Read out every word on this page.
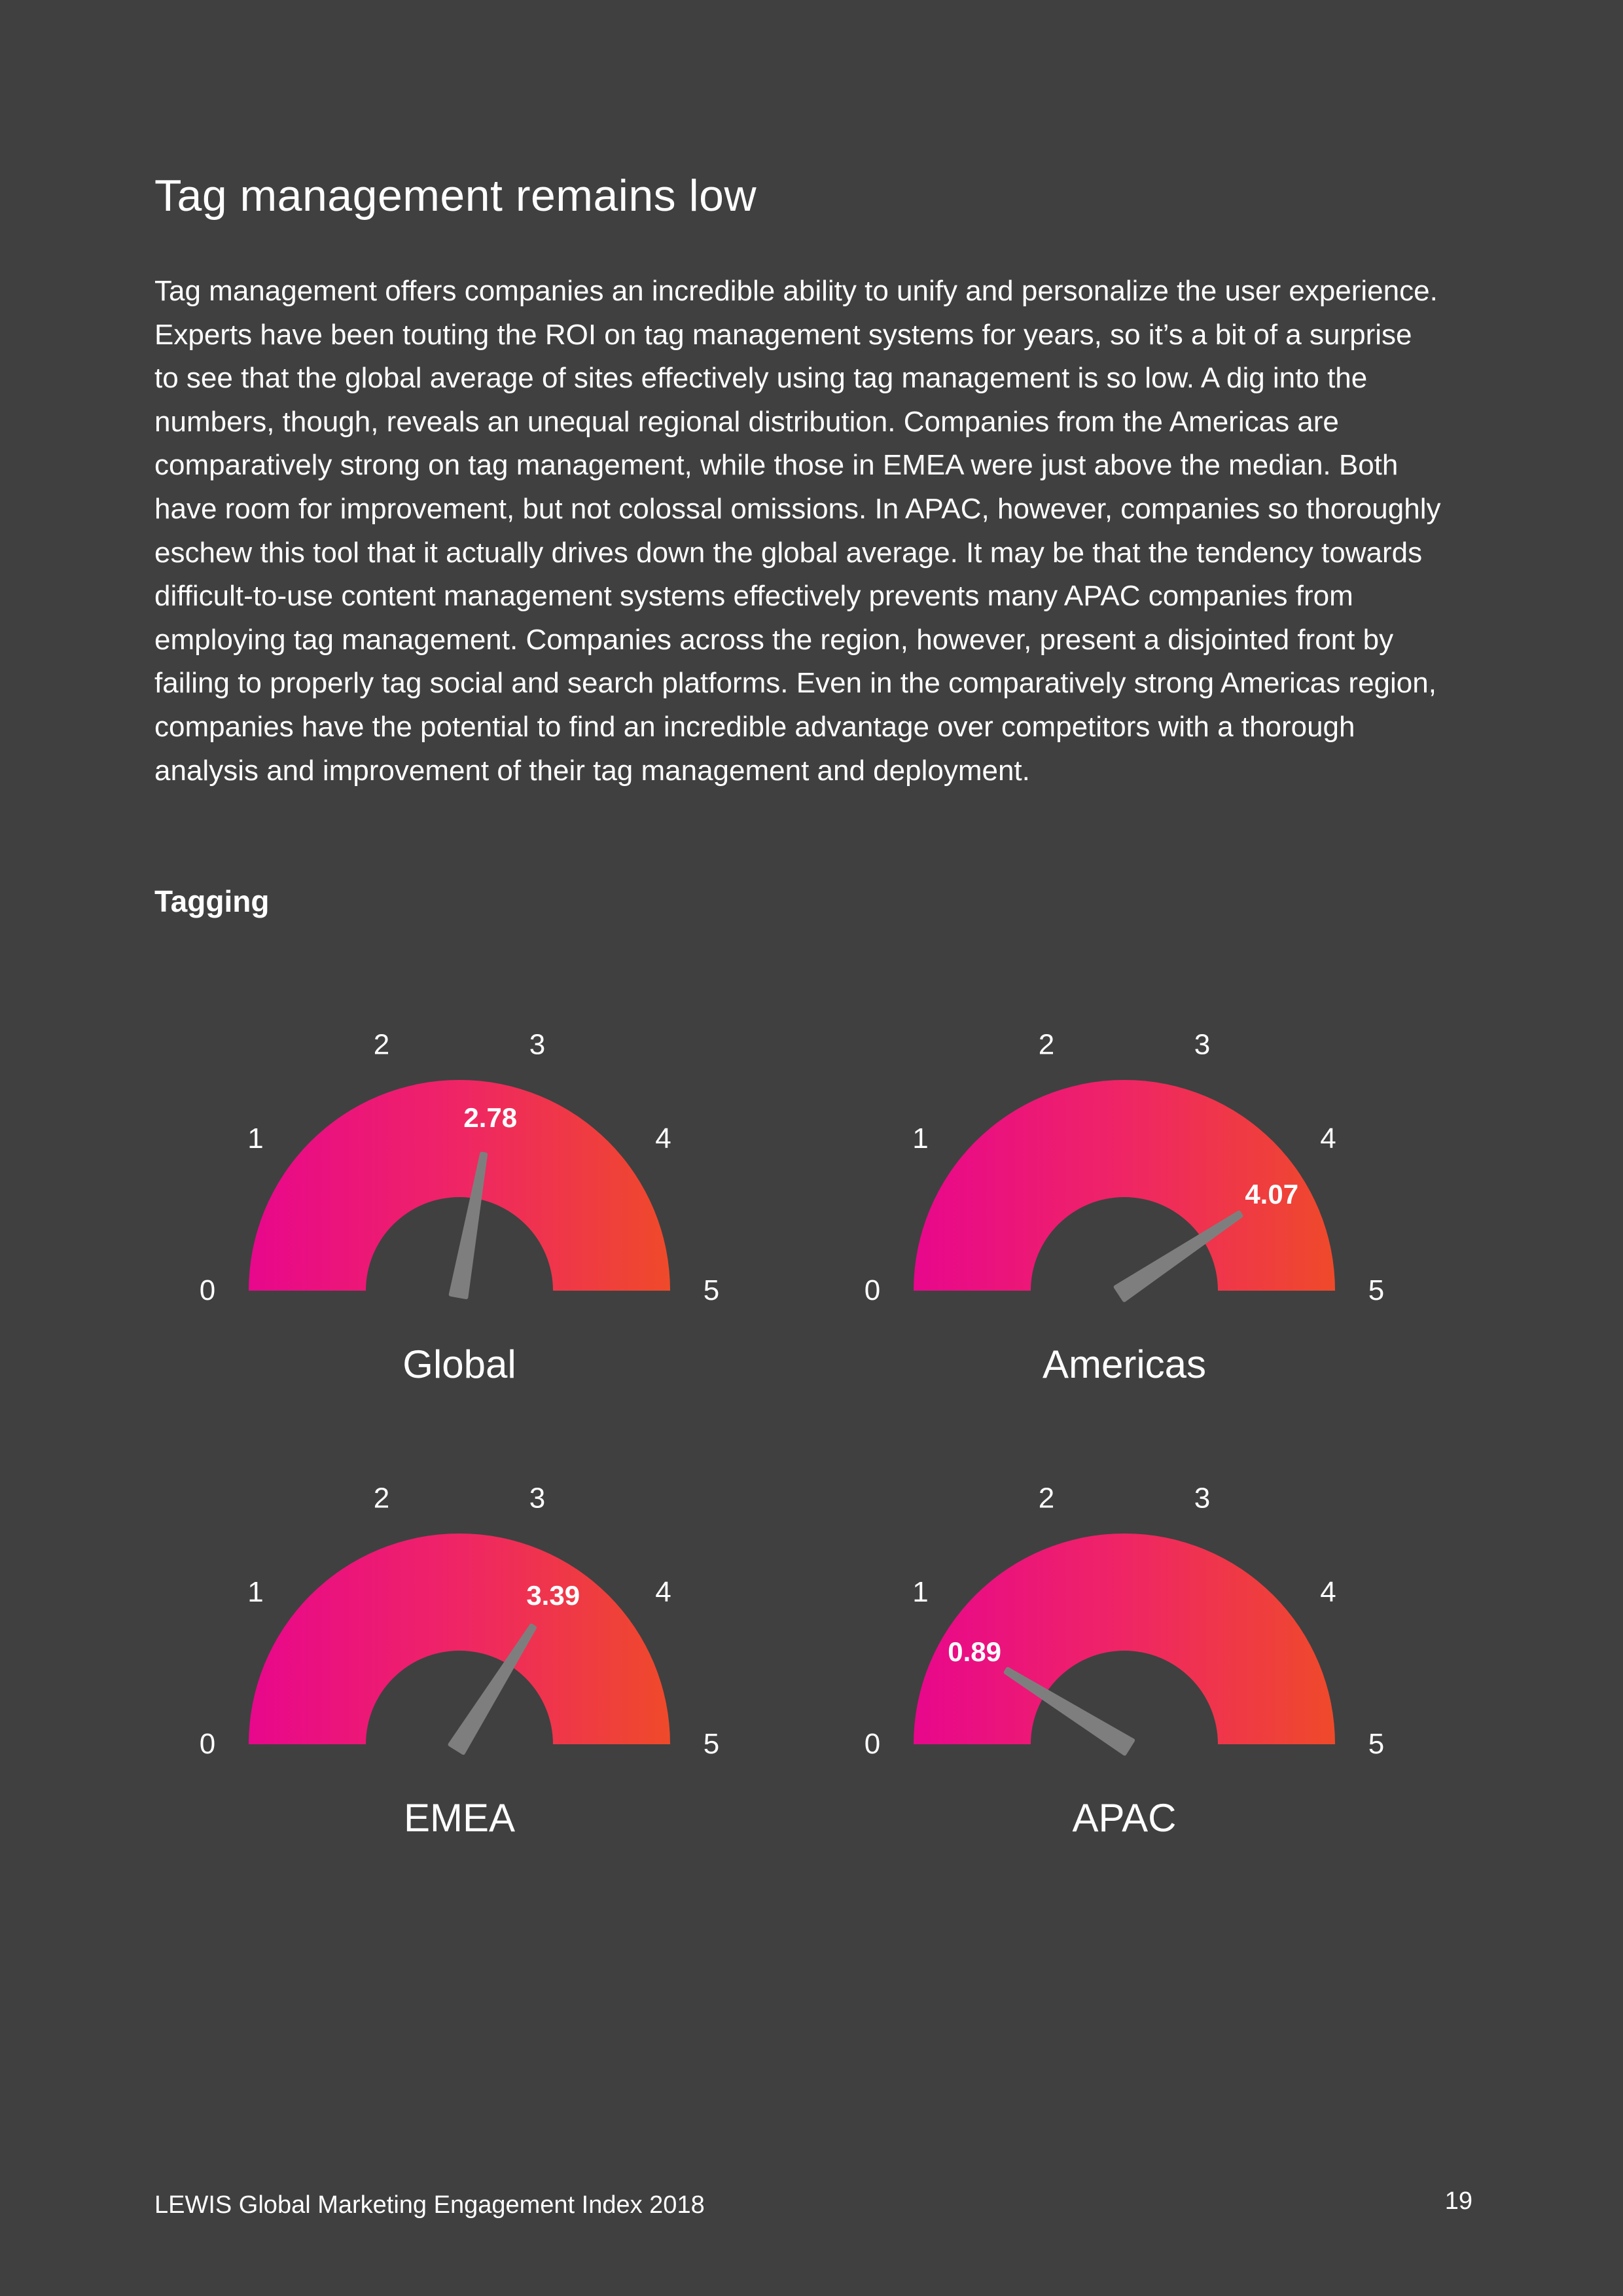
Tag management remains low

Tag management offers companies an incredible ability to unify and personalize the user experience.
Experts have been touting the ROI on tag management systems for years, so it’s a bit of a surprise
to see that the global average of sites effectively using tag management is so low. A dig into the
numbers, though, reveals an unequal regional distribution. Companies from the Americas are
comparatively strong on tag management, while those in EMEA were just above the median. Both
have room for improvement, but not colossal omissions. In APAC, however, companies so thoroughly
eschew this tool that it actually drives down the global average. It may be that the tendency towards
difficult-to-use content management systems effectively prevents many APAC companies from
employing tag management. Companies across the region, however, present a disjointed front by
failing to properly tag social and search platforms. Even in the comparatively strong Americas region,
companies have the potential to find an incredible advantage over competitors with a thorough
analysis and improvement of their tag management and deployment.

Tagging
0
1
2	3
4
5
2.78
Global
0
1
2	3
4
5
4.07
Americas
0
1
2	3
4
5
3.39
EMEA
0
1
2	3
4
5
0.89
APAC
LEWIS Global Marketing Engagement Index 2018	19
